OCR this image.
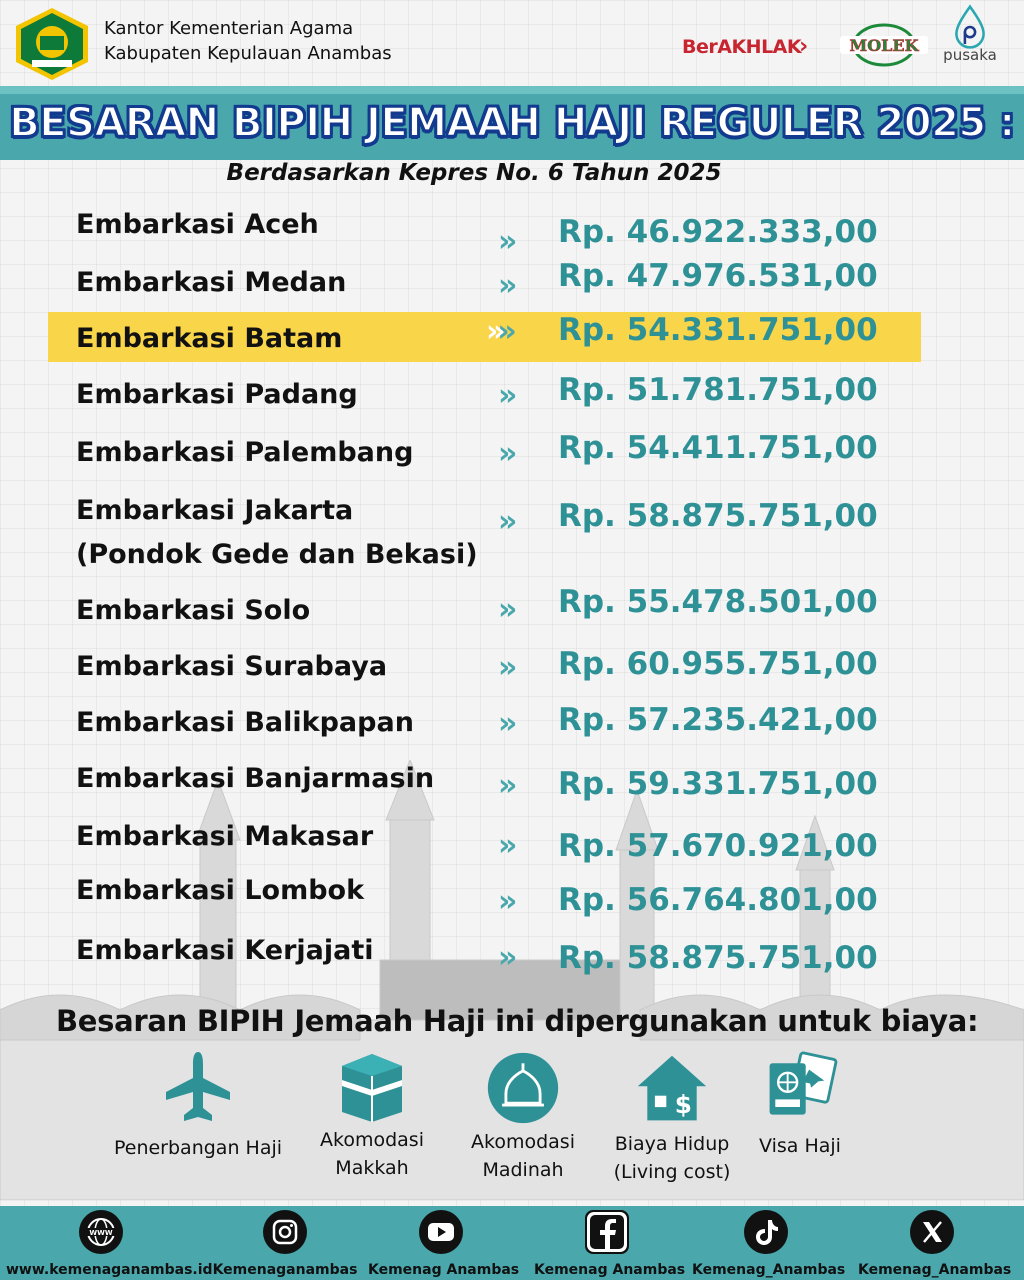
Kantor Kementerian Agama
Kabupaten Kepulauan Anambas	BerAKHLAK›	MOLEK	pusaka
BESARAN BIPIH JEMAAH HAJI REGULER 2025 :
Berdasarkan Kepres No. 6 Tahun 2025
Embarkasi Aceh	» Rp. 46.922.333,00
Embarkasi Medan	» Rp. 47.976.531,00
Embarkasi Batam	»» Rp. 54.331.751,00
Embarkasi Padang	» Rp. 51.781.751,00
Embarkasi Palembang	» Rp. 54.411.751,00
Embarkasi Jakarta
(Pondok Gede dan Bekasi)
» Rp. 58.875.751,00
Embarkasi Solo	» Rp. 55.478.501,00
Embarkasi Surabaya	» Rp. 60.955.751,00
Embarkasi Balikpapan	» Rp. 57.235.421,00
Embarkasi Banjarmasin » Rp. 59.331.751,00
Embarkasi Makasar	» Rp. 57.670.921,00
Embarkasi Lombok	» Rp. 56.764.801,00
Embarkasi Kerjajati	» Rp. 58.875.751,00
Besaran BIPIH Jemaah Haji ini dipergunakan untuk biaya:
Penerbangan Haji	Akomodasi
Makkah
Akomodasi
Madinah
$
Biaya Hidup
(Living cost)
Visa Haji
WWW
www.kemenaganambas.id Kemenaganambas Kemenag Anambas Kemenag Anambas Kemenag_Anambas Kemenag_Anambas
